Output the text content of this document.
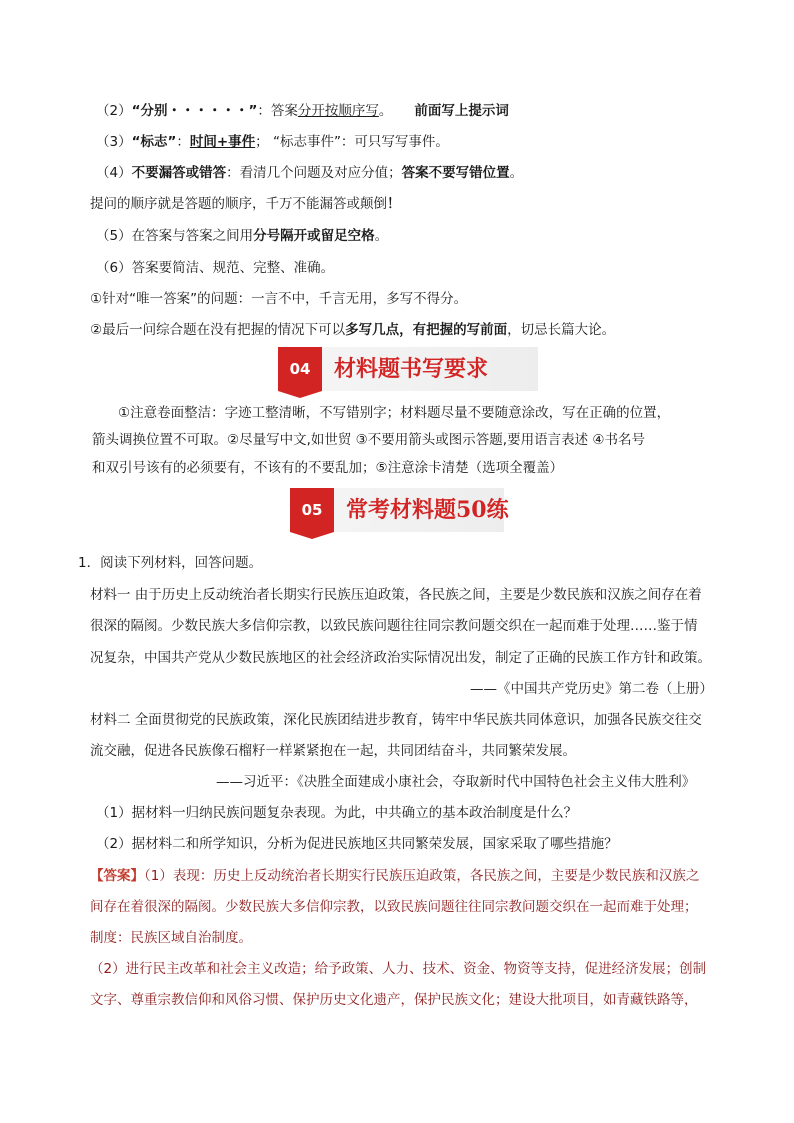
（2）“分别・・・・・・”：答案分开按顺序写。 前面写上提示词
（3）“标志”：时间+事件； “标志事件”：可只写写事件。
（4）不要漏答或错答：看清几个问题及对应分值；答案不要写错位置。
提问的顺序就是答题的顺序，千万不能漏答或颠倒！
（5）在答案与答案之间用分号隔开或留足空格。
（6）答案要简洁、规范、完整、准确。
①针对“唯一答案”的问题：一言不中，千言无用，多写不得分。
②最后一问综合题在没有把握的情况下可以多写几点，有把握的写前面，切忌长篇大论。
04	材料题书写要求
①注意卷面整洁：字迹工整清晰，不写错别字；材料题尽量不要随意涂改，写在正确的位置，
箭头调换位置不可取。②尽量写中文,如世贸 ③不要用箭头或图示答题,要用语言表述 ④书名号
和双引号该有的必须要有，不该有的不要乱加；⑤注意涂卡清楚（选项全覆盖）
05	常考材料题50练
1．阅读下列材料，回答问题。
材料一 由于历史上反动统治者长期实行民族压迫政策，各民族之间，主要是少数民族和汉族之间存在着
很深的隔阂。少数民族大多信仰宗教，以致民族问题往往同宗教问题交织在一起而难于处理……鉴于情
况复杂，中国共产党从少数民族地区的社会经济政治实际情况出发，制定了正确的民族工作方针和政策。
——《中国共产党历史》第二卷（上册）
材料二 全面贯彻党的民族政策，深化民族团结进步教育，铸牢中华民族共同体意识，加强各民族交往交
流交融，促进各民族像石榴籽一样紧紧抱在一起，共同团结奋斗，共同繁荣发展。
——习近平：《决胜全面建成小康社会，夺取新时代中国特色社会主义伟大胜利》
（1）据材料一归纳民族问题复杂表现。为此，中共确立的基本政治制度是什么？
（2）据材料二和所学知识，分析为促进民族地区共同繁荣发展，国家采取了哪些措施？
【答案】（1）表现：历史上反动统治者长期实行民族压迫政策，各民族之间，主要是少数民族和汉族之
间存在着很深的隔阂。少数民族大多信仰宗教，以致民族问题往往同宗教问题交织在一起而难于处理；
制度：民族区域自治制度。
（2）进行民主改革和社会主义改造；给予政策、人力、技术、资金、物资等支持，促进经济发展；创制
文字、尊重宗教信仰和风俗习惯、保护历史文化遗产，保护民族文化；建设大批项目，如青藏铁路等，
